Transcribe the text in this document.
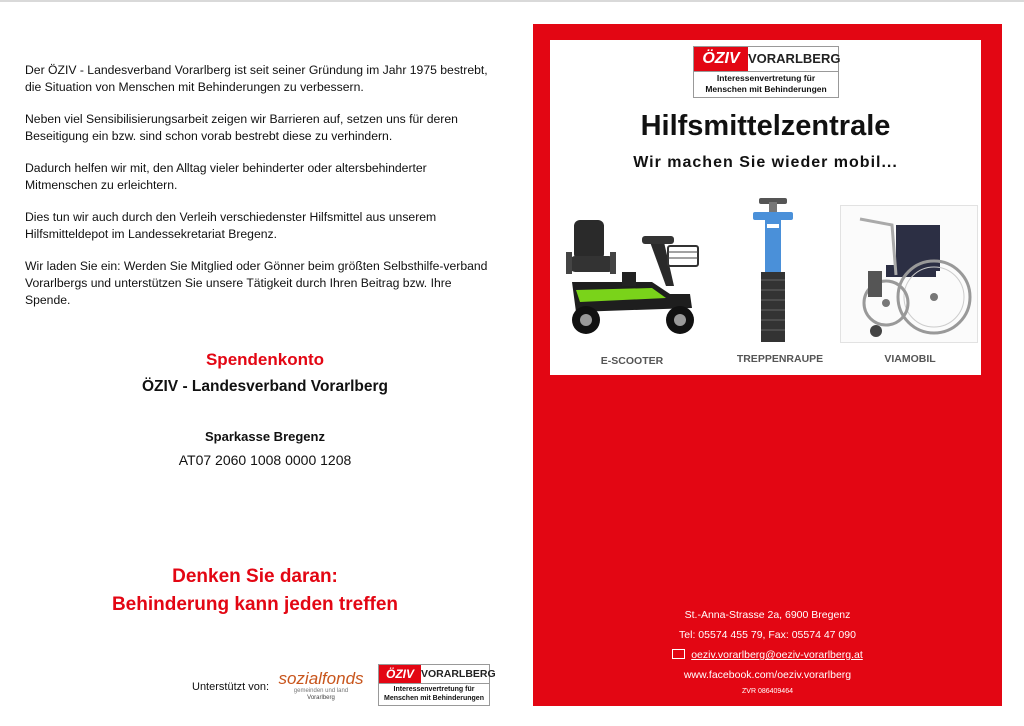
Der ÖZIV - Landesverband Vorarlberg ist seit seiner Gründung im Jahr 1975 bestrebt, die Situation von Menschen mit Behinderungen zu verbessern.

Neben viel Sensibilisierungsarbeit zeigen wir Barrieren auf, setzen uns für deren Beseitigung ein bzw. sind schon vorab bestrebt diese zu verhindern.

Dadurch helfen wir mit, den Alltag vieler behinderter oder altersbehinderter Mitmenschen zu erleichtern.

Dies tun wir auch durch den Verleih verschiedenster Hilfsmittel aus unserem Hilfsmitteldepot im Landessekretariat Bregenz.

Wir laden Sie ein: Werden Sie Mitglied oder Gönner beim größten Selbsthilfe-verband Vorarlbergs und unterstützen Sie unsere Tätigkeit durch Ihren Beitrag bzw. Ihre Spende.

Spendenkonto
ÖZIV - Landesverband Vorarlberg
Sparkasse Bregenz
AT07 2060 1008 0000 1208
Denken Sie daran:
Behinderung kann jeden treffen
Unterstützt von: sozialfonds
gemeinden und land
Vorarlberg
ÖZIV VORARLBERG
Interessenvertretung für
Menschen mit Behinderungen
ÖZIV VORARLBERG
Interessenvertretung für
Menschen mit Behinderungen
Hilfsmittelzentrale
Wir machen Sie wieder mobil...
E-SCOOTER	TREPPENRAUPE	VIAMOBIL
St.-Anna-Strasse 2a, 6900 Bregenz
Tel: 05574 455 79, Fax: 05574 47 090
oeziv.vorarlberg@oeziv-vorarlberg.at
www.facebook.com/oeziv.vorarlberg
ZVR 086409464
